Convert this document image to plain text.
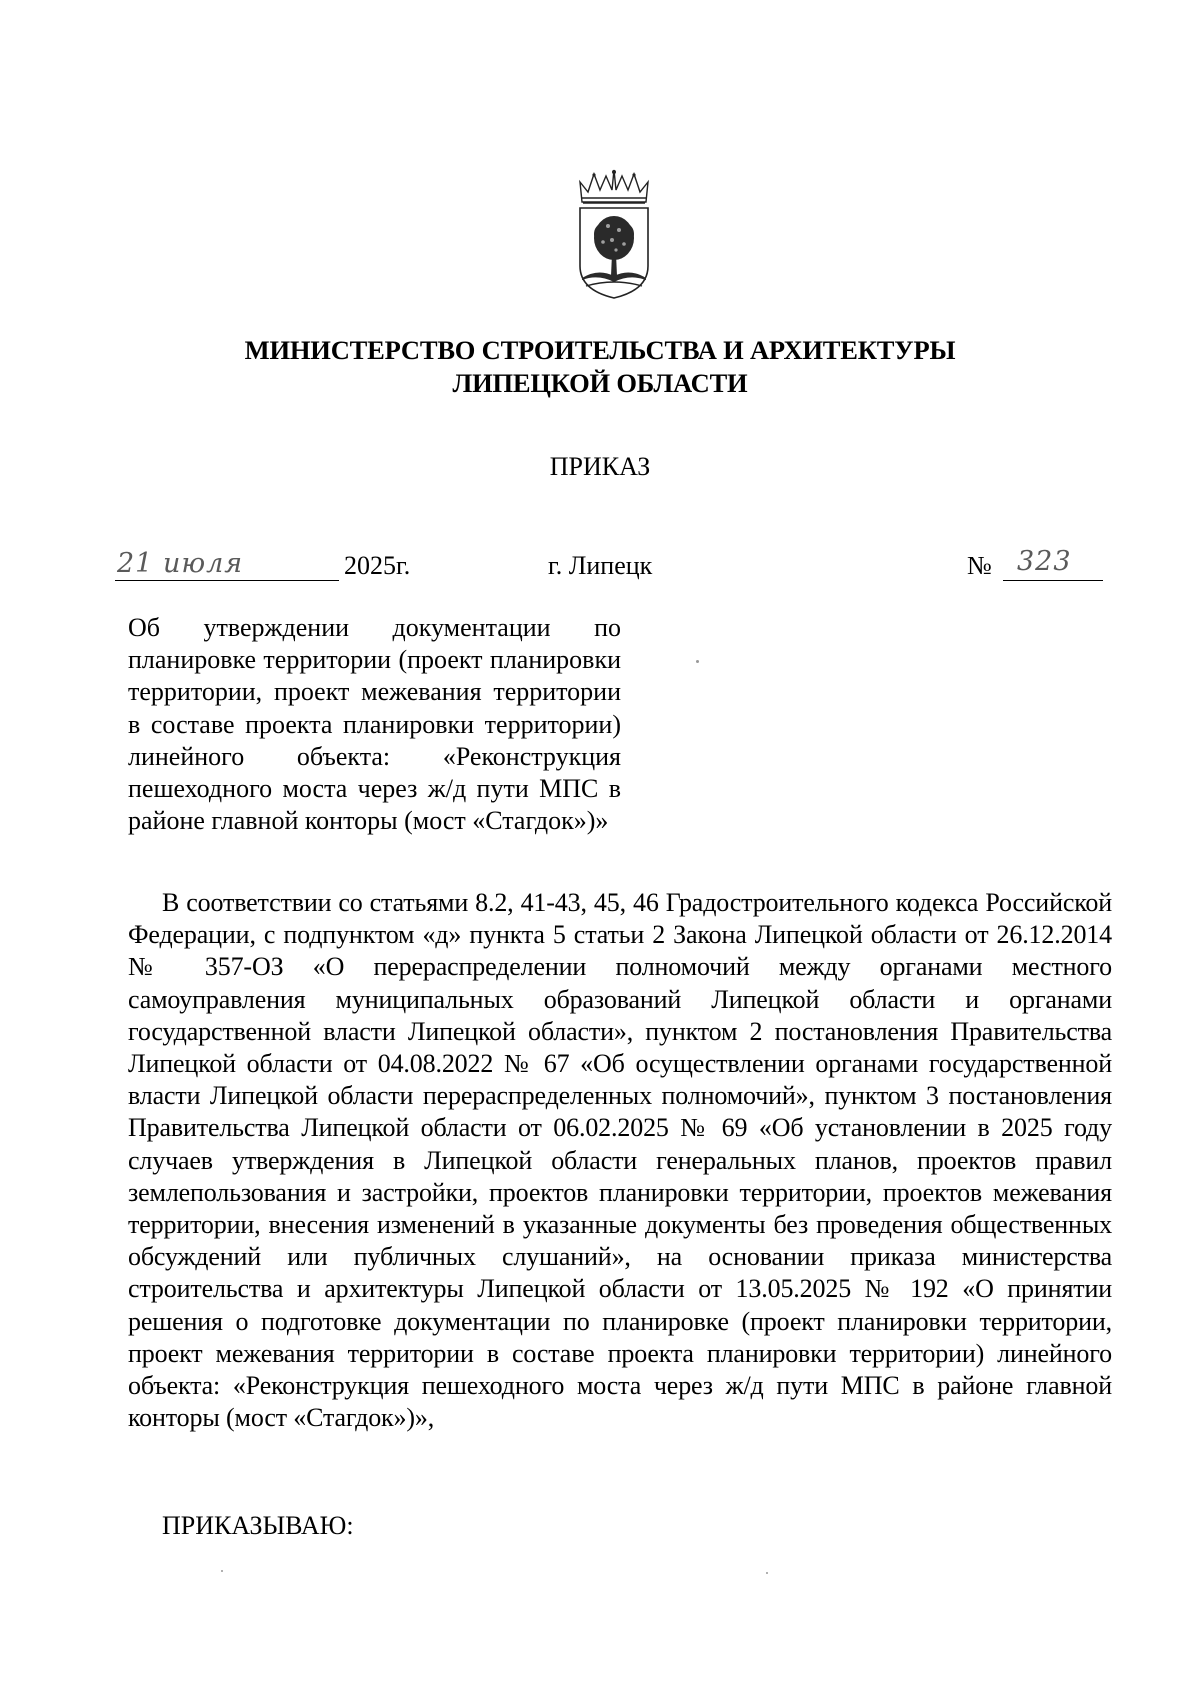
МИНИСТЕРСТВО СТРОИТЕЛЬСТВА И АРХИТЕКТУРЫ
ЛИПЕЦКОЙ ОБЛАСТИ
ПРИКАЗ
21 июля	2025г.	г. Липецк	№ 323
Об утверждении документации по планировке территории (проект планировки территории, проект межевания территории в составе проекта планировки территории) линейного объекта: «Реконструкция пешеходного моста через ж/д пути МПС в районе главной конторы (мост «Стагдок»)»
В соответствии со статьями 8.2, 41-43, 45, 46 Градостроительного кодекса Российской Федерации, с подпунктом «д» пункта 5 статьи 2 Закона Липецкой области от 26.12.2014 № 357-ОЗ «О перераспределении полномочий между органами местного самоуправления муниципальных образований Липецкой области и органами государственной власти Липецкой области», пунктом 2 постановления Правительства Липецкой области от 04.08.2022 № 67 «Об осуществлении органами государственной власти Липецкой области перераспределенных полномочий», пунктом 3 постановления Правительства Липецкой области от 06.02.2025 № 69 «Об установлении в 2025 году случаев утверждения в Липецкой области генеральных планов, проектов правил землепользования и застройки, проектов планировки территории, проектов межевания территории, внесения изменений в указанные документы без проведения общественных обсуждений или публичных слушаний», на основании приказа министерства строительства и архитектуры Липецкой области от 13.05.2025 № 192 «О принятии решения о подготовке документации по планировке (проект планировки территории, проект межевания территории в составе проекта планировки территории) линейного объекта: «Реконструкция пешеходного моста через ж/д пути МПС в районе главной конторы (мост «Стагдок»)»,
ПРИКАЗЫВАЮ:
